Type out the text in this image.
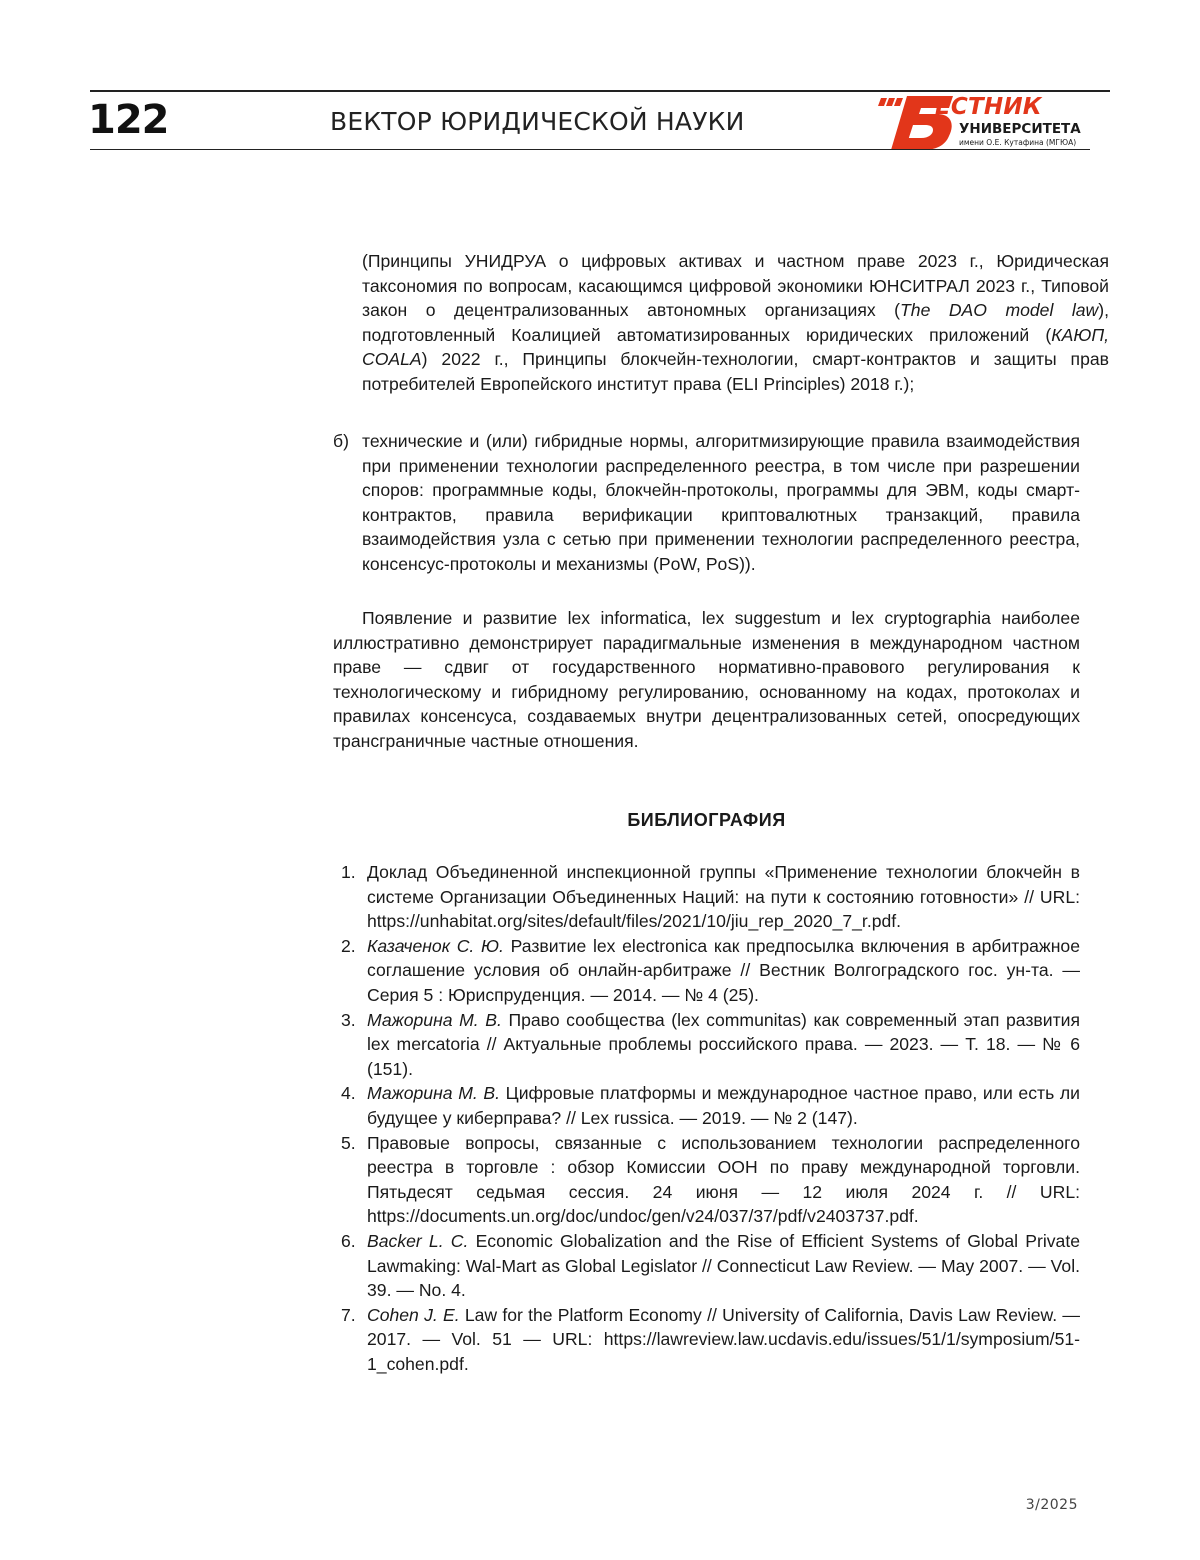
122	ВЕКТОР ЮРИДИЧЕСКОЙ НАУКИ	ЕСТНИК
УНИВЕРСИТЕТА
имени О.Е. Кутафина (МГЮА)
(Принципы УНИДРУА о цифровых активах и частном праве 2023 г., Юридическая таксономия по вопросам, касающимся цифровой экономики ЮНСИТРАЛ 2023 г., Типовой закон о децентрализованных автономных организациях (The DAO model law), подготовленный Коалицией автоматизированных юридических приложений (КАЮП, COALA) 2022 г., Принципы блокчейн-технологии, смарт-контрактов и защиты прав потребителей Европейского институт права (ELI Principles) 2018 г.);
б) технические и (или) гибридные нормы, алгоритмизирующие правила взаимодействия при применении технологии распределенного реестра, в том числе при разрешении споров: программные коды, блокчейн-протоколы, программы для ЭВМ, коды смарт-контрактов, правила верификации криптовалютных транзакций, правила взаимодействия узла с сетью при применении технологии распределенного реестра, консенсус-протоколы и механизмы (PoW, PoS)).
Появление и развитие lex informatica, lex suggestum и lex cryptographia наиболее иллюстративно демонстрирует парадигмальные изменения в международном частном праве — сдвиг от государственного нормативно-правового регулирования к технологическому и гибридному регулированию, основанному на кодах, протоколах и правилах консенсуса, создаваемых внутри децентрализованных сетей, опосредующих трансграничные частные отношения.
БИБЛИОГРАФИЯ
1. Доклад Объединенной инспекционной группы «Применение технологии блокчейн в системе Организации Объединенных Наций: на пути к состоянию готовности» // URL: https://unhabitat.org/sites/default/files/2021/10/jiu_rep_2020_7_r.pdf.
2. Казаченок С. Ю. Развитие lex electronica как предпосылка включения в арбитражное соглашение условия об онлайн-арбитраже // Вестник Волгоградского гос. ун-та. — Серия 5 : Юриспруденция. — 2014. — № 4 (25).
3. Мажорина М. В. Право сообщества (lex communitas) как современный этап развития lex mercatoria // Актуальные проблемы российского права. — 2023. — Т. 18. — № 6 (151).
4. Мажорина М. В. Цифровые платформы и международное частное право, или есть ли будущее у киберправа? // Lex russica. — 2019. — № 2 (147).
5. Правовые вопросы, связанные с использованием технологии распределенного реестра в торговле : обзор Комиссии ООН по праву международной торговли. Пятьдесят седьмая сессия. 24 июня — 12 июля 2024 г. // URL: https://documents.un.org/doc/undoc/gen/v24/037/37/pdf/v2403737.pdf.
6. Backer L. C. Economic Globalization and the Rise of Efficient Systems of Global Private Lawmaking: Wal-Mart as Global Legislator // Connecticut Law Review. — May 2007. — Vol. 39. — No. 4.
7. Cohen J. E. Law for the Platform Economy // University of California, Davis Law Review. — 2017. — Vol. 51 — URL: https://lawreview.law.ucdavis.edu/issues/51/1/symposium/51-1_cohen.pdf.
3/2025
